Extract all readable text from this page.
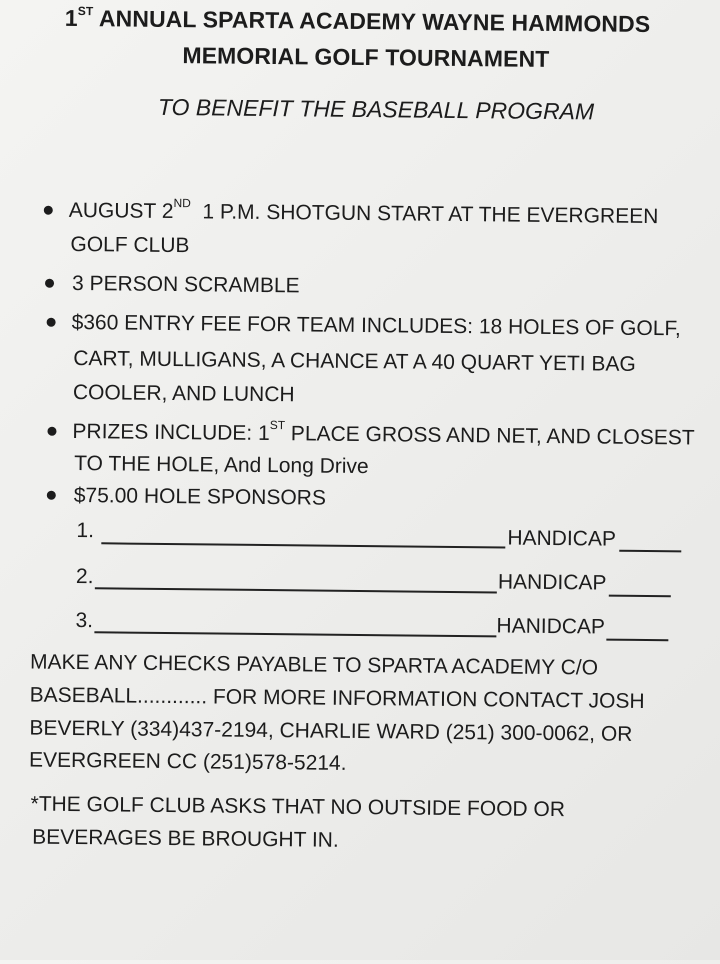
1ST ANNUAL SPARTA ACADEMY WAYNE HAMMONDS
MEMORIAL GOLF TOURNAMENT
TO BENEFIT THE BASEBALL PROGRAM
AUGUST 2ND  1 P.M. SHOTGUN START AT THE EVERGREEN
GOLF CLUB
3 PERSON SCRAMBLE
$360 ENTRY FEE FOR TEAM INCLUDES: 18 HOLES OF GOLF,
CART, MULLIGANS, A CHANCE AT A 40 QUART YETI BAG
COOLER, AND LUNCH
PRIZES INCLUDE: 1ST PLACE GROSS AND NET, AND CLOSEST
TO THE HOLE, And Long Drive
$75.00 HOLE SPONSORS
1.	HANDICAP
2.	HANDICAP
3.	HANIDCAP
MAKE ANY CHECKS PAYABLE TO SPARTA ACADEMY C/O
BASEBALL............ FOR MORE INFORMATION CONTACT JOSH
BEVERLY (334)437-2194, CHARLIE WARD (251) 300-0062, OR
EVERGREEN CC (251)578-5214.
*THE GOLF CLUB ASKS THAT NO OUTSIDE FOOD OR
BEVERAGES BE BROUGHT IN.
